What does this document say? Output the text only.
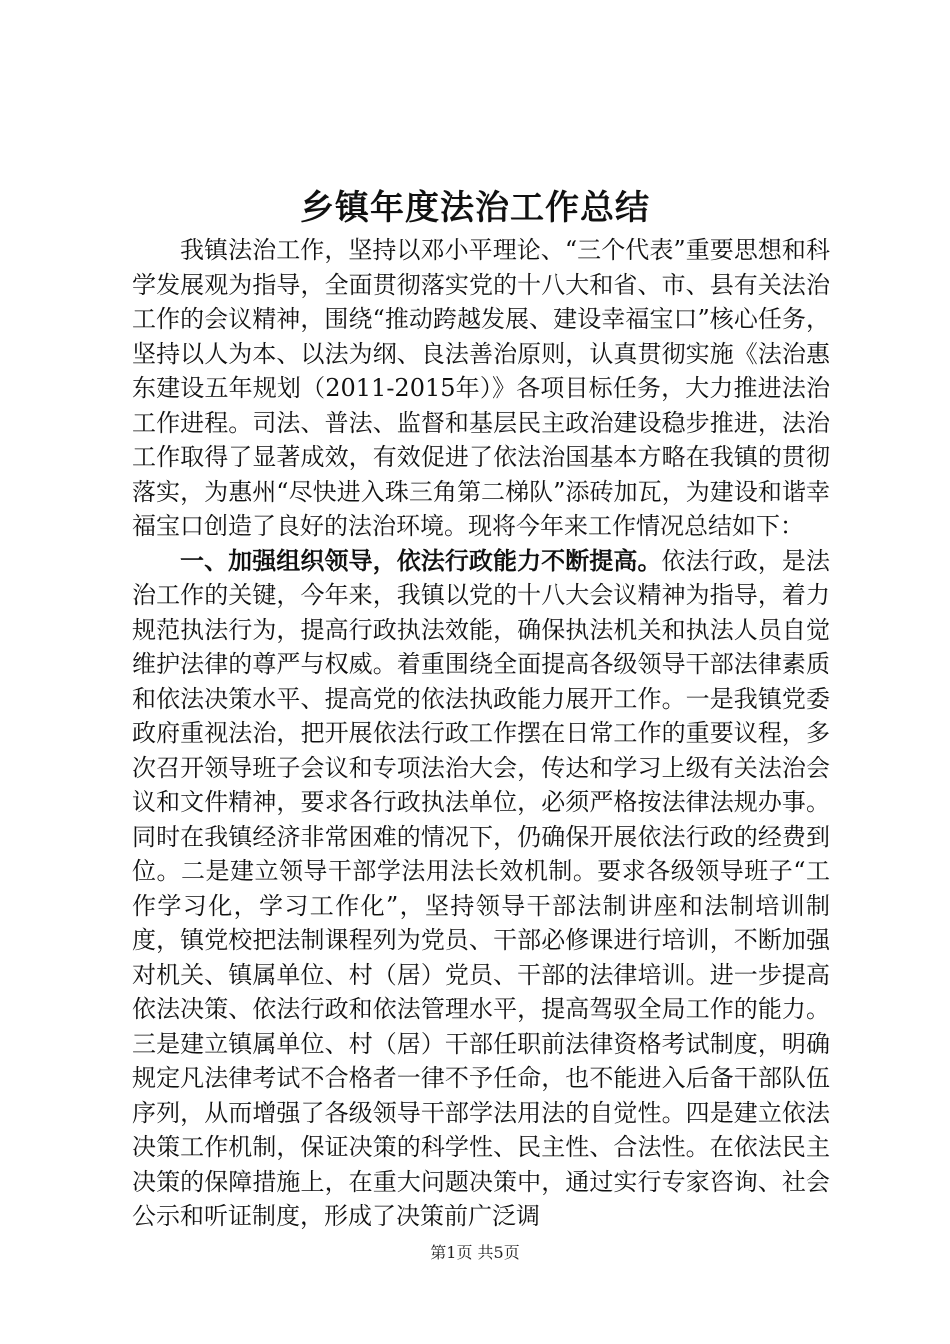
乡镇年度法治工作总结

我镇法治工作，坚持以邓小平理论、“三个代表”重要思想和科学发展观为指导，全面贯彻落实党的十八大和省、市、县有关法治工作的会议精神，围绕“推动跨越发展、建设幸福宝口”核心任务，坚持以人为本、以法为纲、良法善治原则，认真贯彻实施《法治惠东建设五年规划（2011-2015年）》各项目标任务，大力推进法治工作进程。司法、普法、监督和基层民主政治建设稳步推进，法治工作取得了显著成效，有效促进了依法治国基本方略在我镇的贯彻落实，为惠州“尽快进入珠三角第二梯队”添砖加瓦，为建设和谐幸福宝口创造了良好的法治环境。现将今年来工作情况总结如下：

一、加强组织领导，依法行政能力不断提高。依法行政，是法治工作的关键，今年来，我镇以党的十八大会议精神为指导，着力规范执法行为，提高行政执法效能，确保执法机关和执法人员自觉维护法律的尊严与权威。着重围绕全面提高各级领导干部法律素质和依法决策水平、提高党的依法执政能力展开工作。一是我镇党委政府重视法治，把开展依法行政工作摆在日常工作的重要议程，多次召开领导班子会议和专项法治大会，传达和学习上级有关法治会议和文件精神，要求各行政执法单位，必须严格按法律法规办事。同时在我镇经济非常困难的情况下，仍确保开展依法行政的经费到位。二是建立领导干部学法用法长效机制。要求各级领导班子“工作学习化，学习工作化”，坚持领导干部法制讲座和法制培训制度，镇党校把法制课程列为党员、干部必修课进行培训，不断加强对机关、镇属单位、村（居）党员、干部的法律培训。进一步提高依法决策、依法行政和依法管理水平，提高驾驭全局工作的能力。三是建立镇属单位、村（居）干部任职前法律资格考试制度，明确规定凡法律考试不合格者一律不予任命，也不能进入后备干部队伍序列，从而增强了各级领导干部学法用法的自觉性。四是建立依法决策工作机制，保证决策的科学性、民主性、合法性。在依法民主决策的保障措施上，在重大问题决策中，通过实行专家咨询、社会公示和听证制度，形成了决策前广泛调

第1页 共5页
